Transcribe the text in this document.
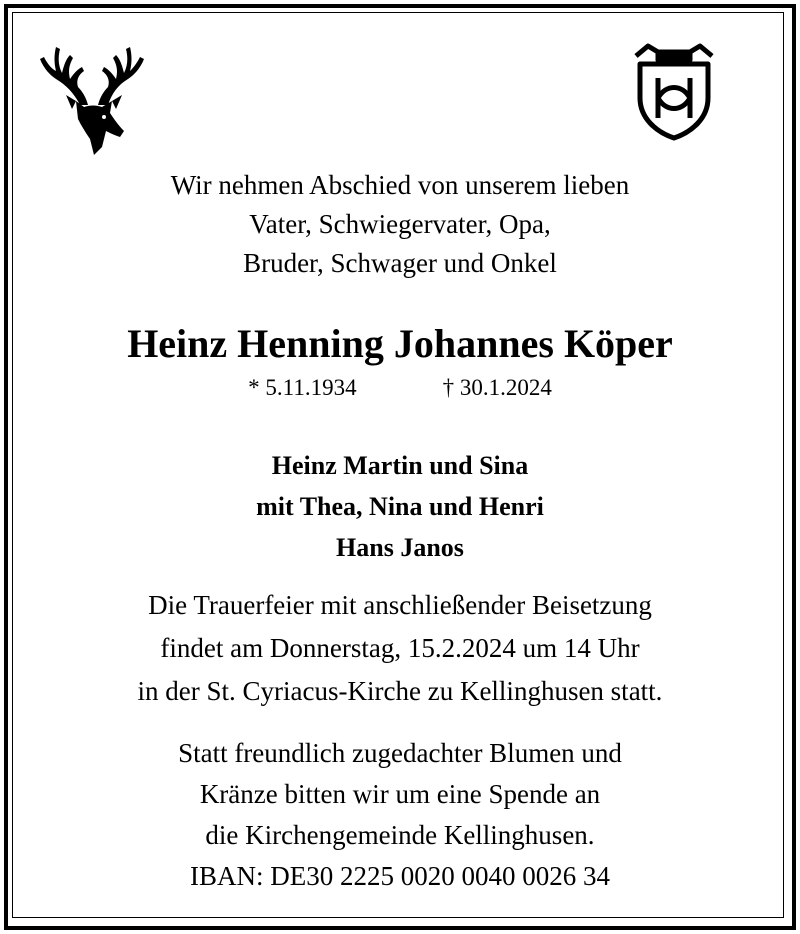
Wir nehmen Abschied von unserem lieben
Vater, Schwiegervater, Opa,
Bruder, Schwager und Onkel
Heinz Henning Johannes Köper
* 5.11.1934	† 30.1.2024
Heinz Martin und Sina
mit Thea, Nina und Henri
Hans Janos
Die Trauerfeier mit anschließender Beisetzung
findet am Donnerstag, 15.2.2024 um 14 Uhr
in der St. Cyriacus-Kirche zu Kellinghusen statt.
Statt freundlich zugedachter Blumen und
Kränze bitten wir um eine Spende an
die Kirchengemeinde Kellinghusen.
IBAN: DE30 2225 0020 0040 0026 34
